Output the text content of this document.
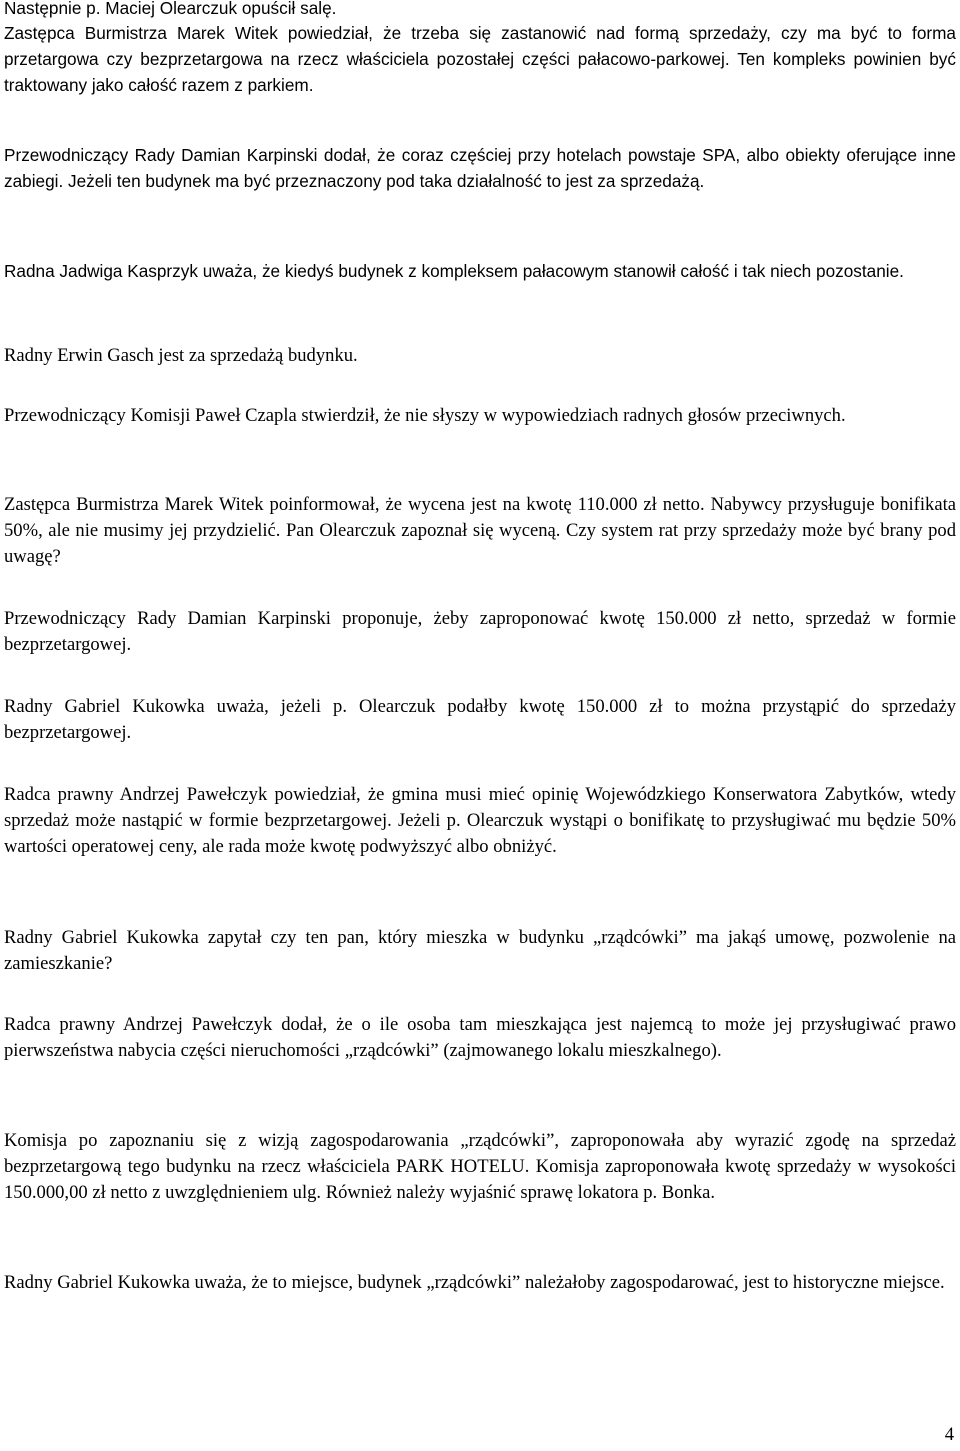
Następnie p. Maciej Olearczuk opuścił salę.

Zastępca Burmistrza Marek Witek powiedział, że trzeba się zastanowić nad formą sprzedaży, czy ma być to forma przetargowa czy bezprzetargowa na rzecz właściciela pozostałej części pałacowo-parkowej. Ten kompleks powinien być traktowany jako całość razem z parkiem.

Przewodniczący Rady Damian Karpinski dodał, że coraz częściej przy hotelach powstaje SPA, albo obiekty oferujące inne zabiegi. Jeżeli ten budynek ma być przeznaczony pod taka działalność to jest za sprzedażą.

Radna Jadwiga Kasprzyk uważa, że kiedyś budynek z kompleksem pałacowym stanowił całość i tak niech pozostanie.

Radny Erwin Gasch jest za sprzedażą budynku.

Przewodniczący Komisji Paweł Czapla stwierdził, że nie słyszy w wypowiedziach radnych głosów przeciwnych.

Zastępca Burmistrza Marek Witek poinformował, że wycena jest na kwotę 110.000 zł netto. Nabywcy przysługuje bonifikata 50%, ale nie musimy jej przydzielić. Pan Olearczuk zapoznał się wyceną. Czy system rat przy sprzedaży może być brany pod uwagę?

Przewodniczący Rady Damian Karpinski proponuje, żeby zaproponować kwotę 150.000 zł netto, sprzedaż w formie bezprzetargowej.

Radny Gabriel Kukowka uważa, jeżeli p. Olearczuk podałby kwotę 150.000 zł to można przystąpić do sprzedaży bezprzetargowej.

Radca prawny Andrzej Pawełczyk powiedział, że gmina musi mieć opinię Wojewódzkiego Konserwatora Zabytków, wtedy sprzedaż może nastąpić w formie bezprzetargowej. Jeżeli p. Olearczuk wystąpi o bonifikatę to przysługiwać mu będzie 50% wartości operatowej ceny, ale rada może kwotę podwyższyć albo obniżyć.

Radny Gabriel Kukowka zapytał czy ten pan, który mieszka w budynku „rządcówki” ma jakąś umowę, pozwolenie na zamieszkanie?

Radca prawny Andrzej Pawełczyk dodał, że o ile osoba tam mieszkająca jest najemcą to może jej przysługiwać prawo pierwszeństwa nabycia części nieruchomości „rządcówki” (zajmowanego lokalu mieszkalnego).

Komisja po zapoznaniu się z wizją zagospodarowania „rządcówki”, zaproponowała aby wyrazić zgodę na sprzedaż bezprzetargową tego budynku na rzecz właściciela PARK HOTELU. Komisja zaproponowała kwotę sprzedaży w wysokości 150.000,00 zł netto z uwzględnieniem ulg. Również należy wyjaśnić sprawę lokatora p. Bonka.

Radny Gabriel Kukowka uważa, że to miejsce, budynek „rządcówki” należałoby zagospodarować, jest to historyczne miejsce.

4
